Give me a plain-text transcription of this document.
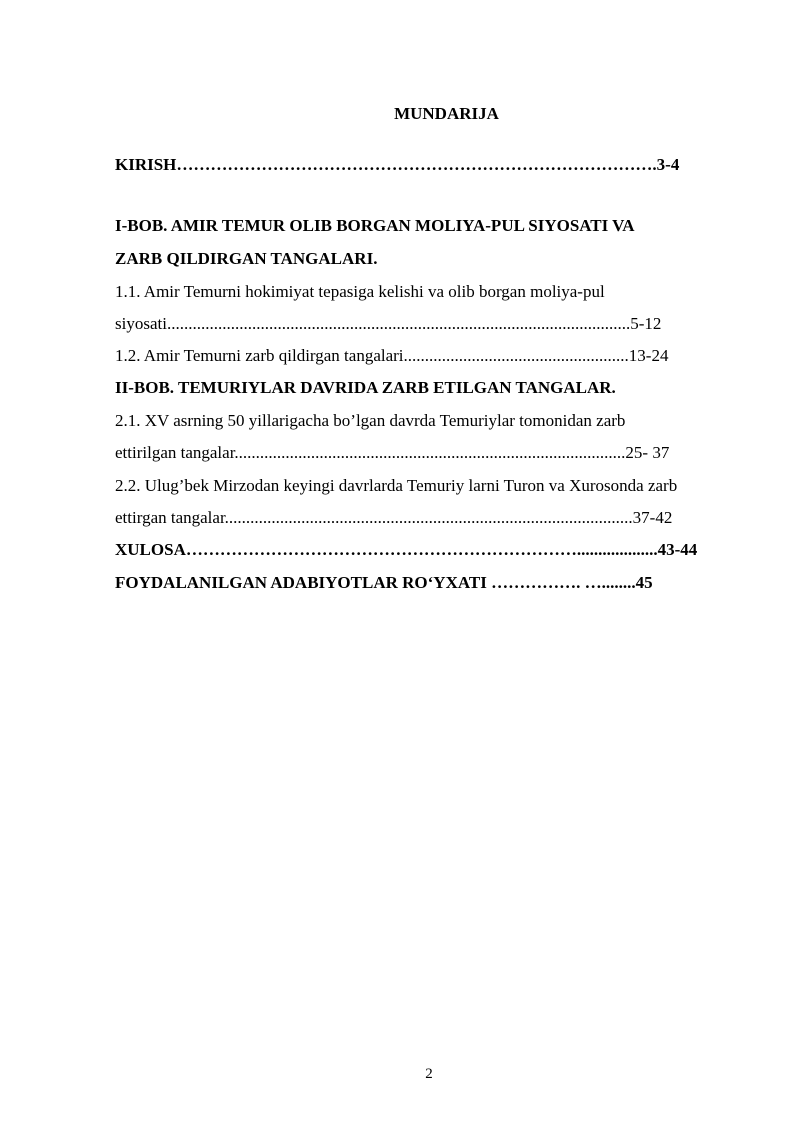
MUNDARIJA
KIRISH………………………………………………………………………….3-4
I-BOB. AMIR TEMUR OLIB BORGAN MOLIYA-PUL SIYOSATI VA
ZARB QILDIRGAN TANGALARI.
1.1. Amir Temurni hokimiyat tepasiga kelishi va olib borgan moliya-pul
siyosati.............................................................................................................5-12
1.2. Amir Temurni zarb qildirgan tangalari.....................................................13-24
II-BOB. TEMURIYLAR DAVRIDA ZARB ETILGAN TANGALAR.
2.1. XV asrning 50 yillarigacha bo’lgan davrda Temuriylar tomonidan zarb
ettirilgan tangalar............................................................................................25- 37
2.2. Ulug’bek Mirzodan keyingi davrlarda Temuriy larni Turon va Xurosonda zarb
ettirgan tangalar................................................................................................37-42
XULOSA……………………………………………………………...................43-44
FOYDALANILGAN ADABIYOTLAR RO‘YXATI ……………. …........45
2
